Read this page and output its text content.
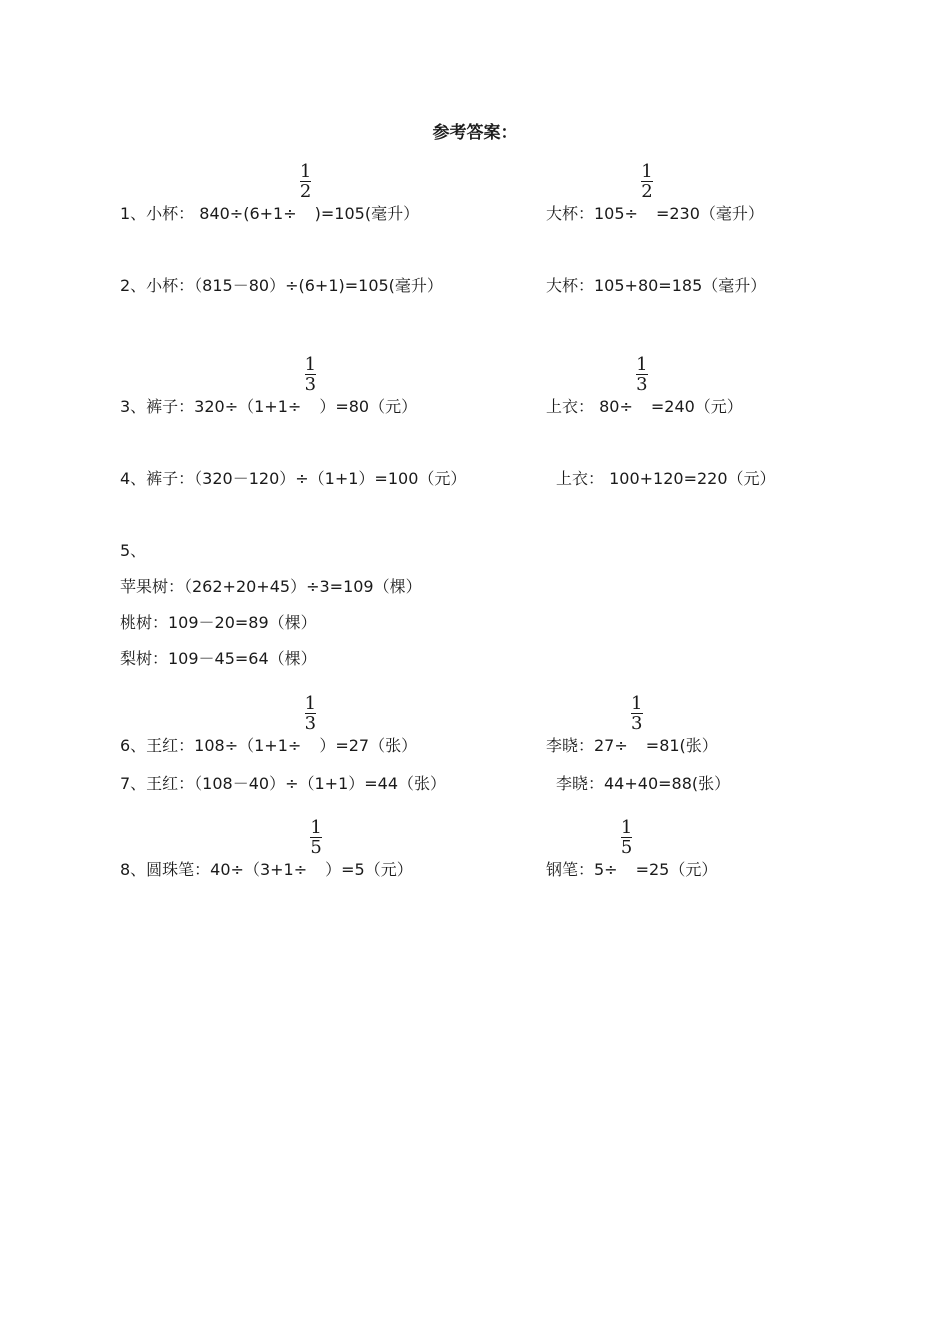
参考答案：
1、小杯： 840÷(6+1÷
$\frac{1}{2}$
)=105(毫升）	大杯：105÷
$\frac{1}{2}$
=230（毫升）
2、小杯：（815－80）÷(6+1)=105(毫升）	大杯：105+80=185（毫升）
3、裤子：320÷（1+1÷
$\frac{1}{3}$
）=80（元）	上衣： 80÷
$\frac{1}{3}$
=240（元）
4、裤子：（320－120）÷（1+1）=100（元）	上衣： 100+120=220（元）
5、
苹果树：（262+20+45）÷3=109（棵）
桃树：109－20=89（棵）
梨树：109－45=64（棵）
6、王红：108÷（1+1÷
$\frac{1}{3}$
）=27（张）	李晓：27÷
$\frac{1}{3}$
=81(张）
7、王红：（108－40）÷（1+1）=44（张）	李晓：44+40=88(张）
8、圆珠笔：40÷（3+1÷
$\frac{1}{5}$
）=5（元）	钢笔：5÷
$\frac{1}{5}$
=25（元）
